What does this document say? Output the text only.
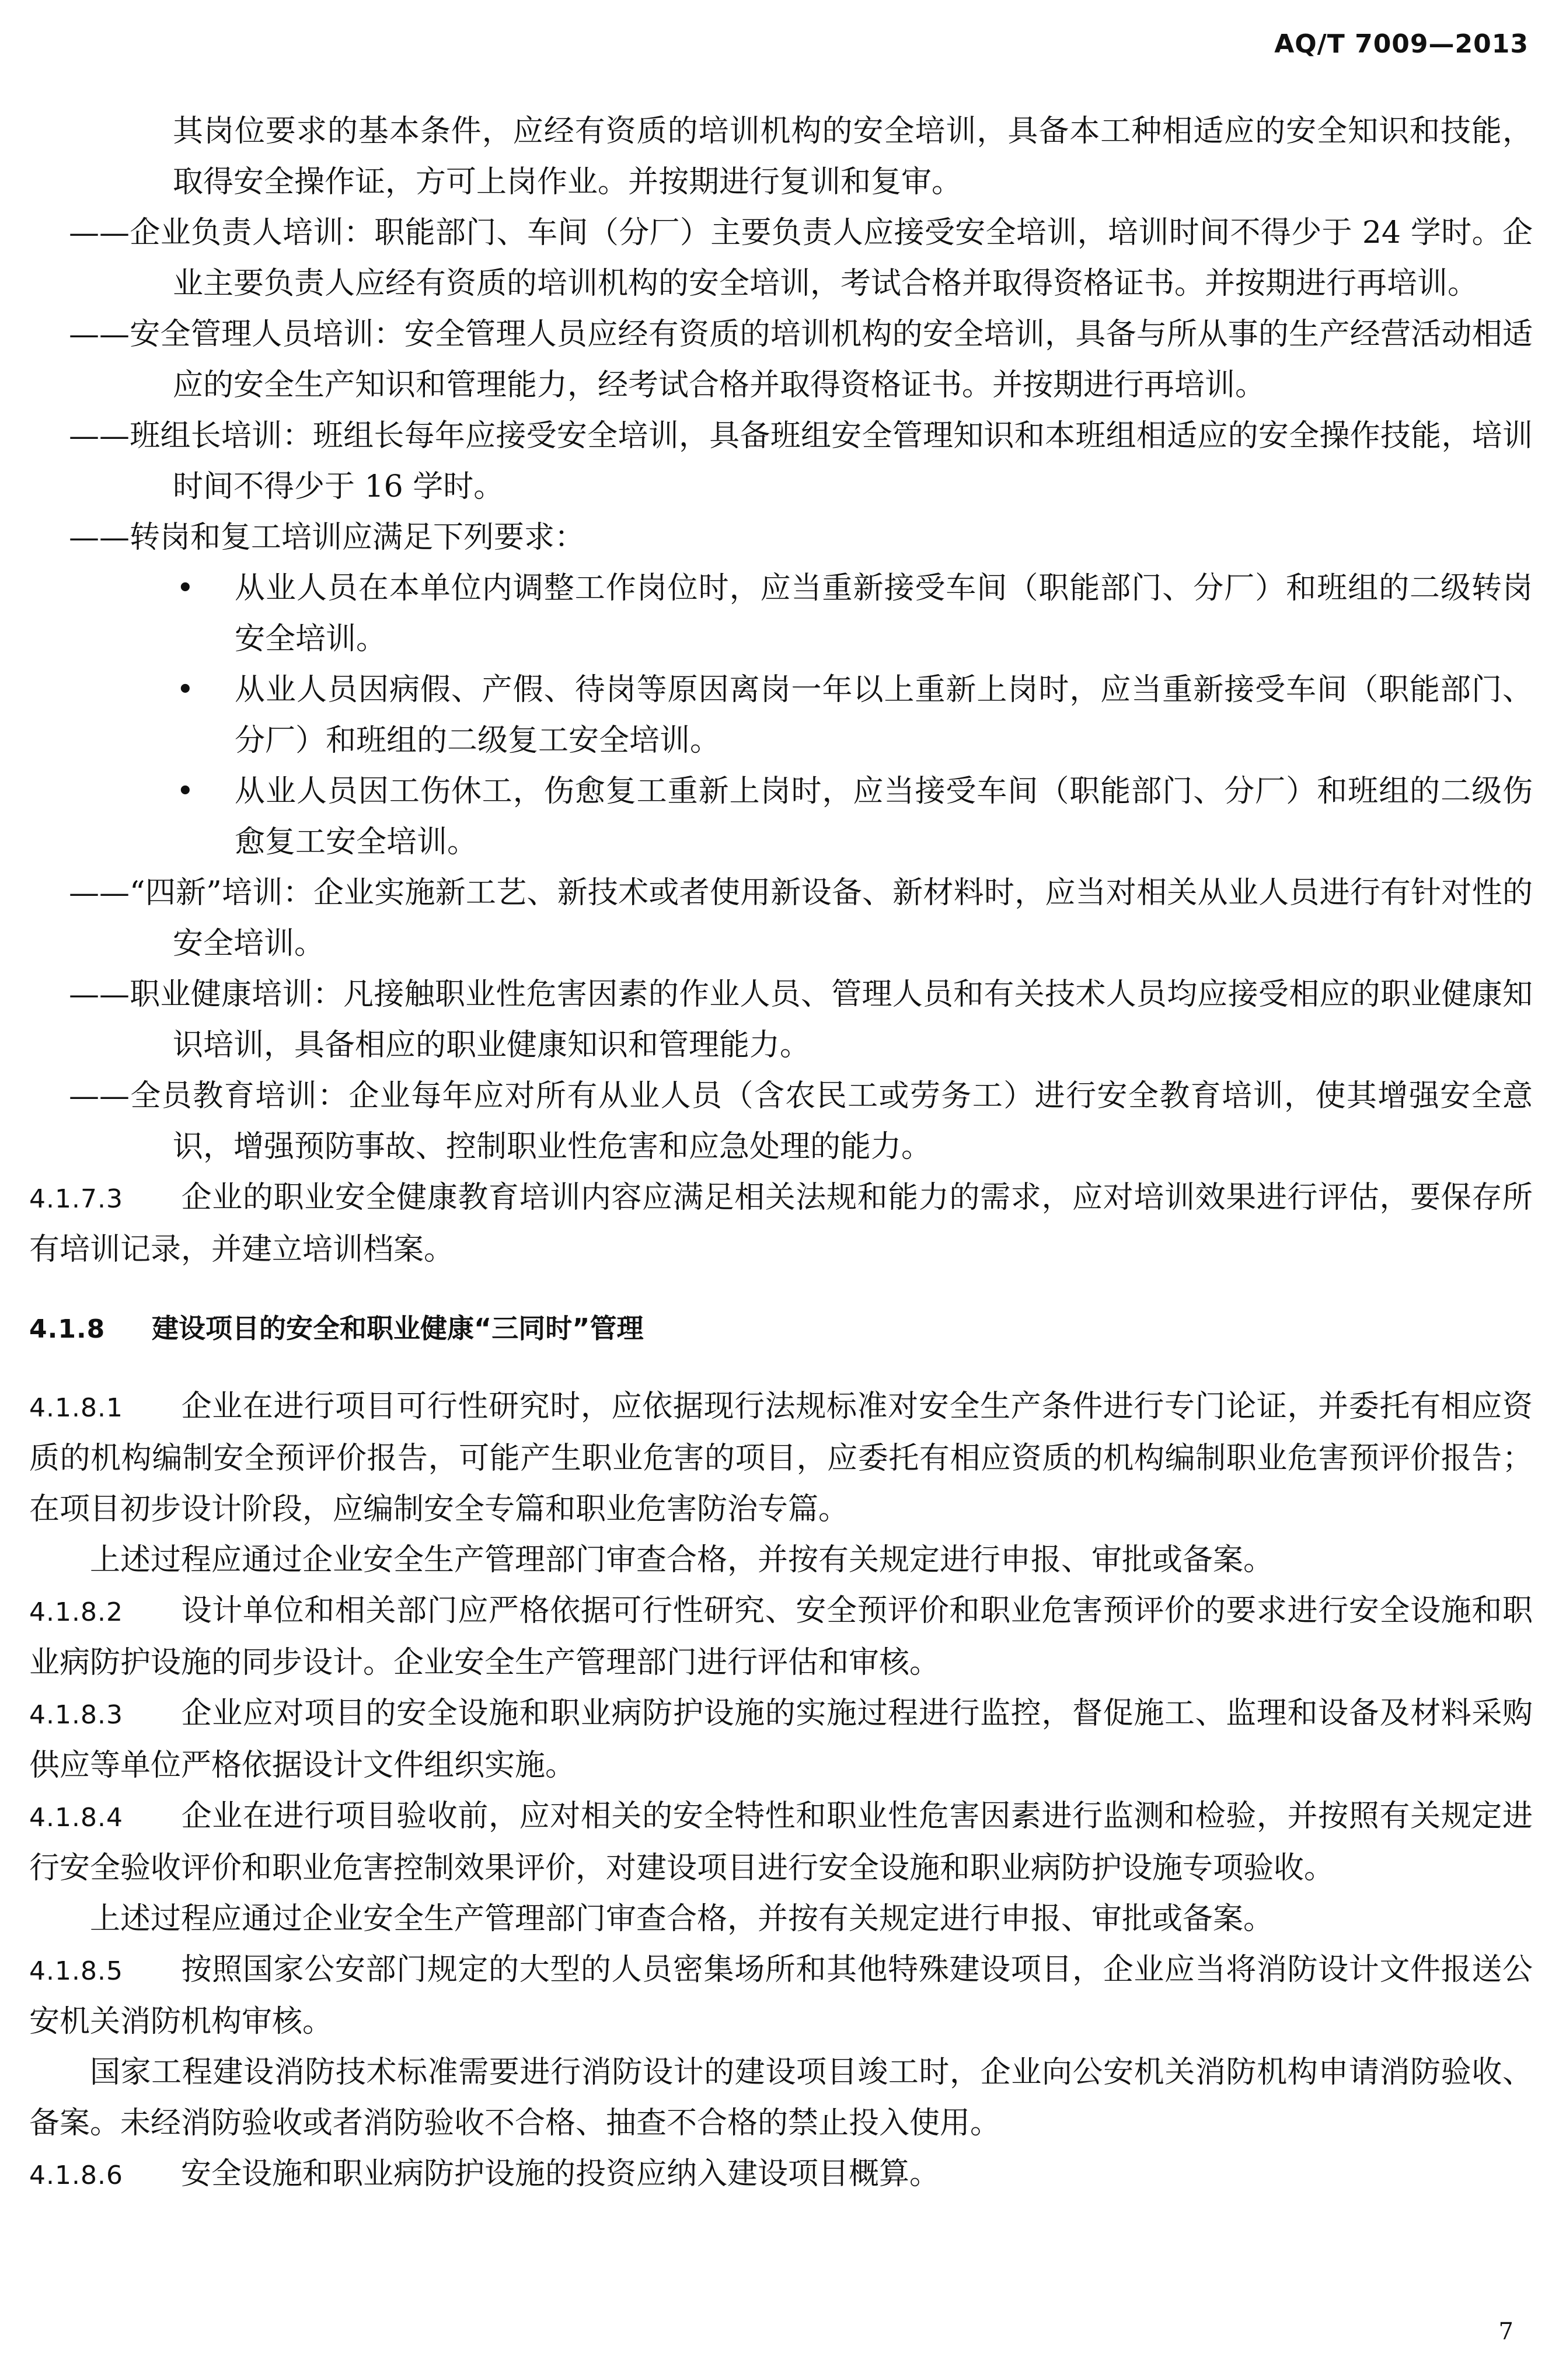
AQ/T 7009—2013

其岗位要求的基本条件，应经有资质的培训机构的安全培训，具备本工种相适应的安全知识和技能，取得安全操作证，方可上岗作业。并按期进行复训和复审。

——企业负责人培训：职能部门、车间（分厂）主要负责人应接受安全培训，培训时间不得少于 24 学时。企业主要负责人应经有资质的培训机构的安全培训，考试合格并取得资格证书。并按期进行再培训。

——安全管理人员培训：安全管理人员应经有资质的培训机构的安全培训，具备与所从事的生产经营活动相适应的安全生产知识和管理能力，经考试合格并取得资格证书。并按期进行再培训。

——班组长培训：班组长每年应接受安全培训，具备班组安全管理知识和本班组相适应的安全操作技能，培训时间不得少于 16 学时。

——转岗和复工培训应满足下列要求：

• 从业人员在本单位内调整工作岗位时，应当重新接受车间（职能部门、分厂）和班组的二级转岗安全培训。

• 从业人员因病假、产假、待岗等原因离岗一年以上重新上岗时，应当重新接受车间（职能部门、分厂）和班组的二级复工安全培训。

• 从业人员因工伤休工，伤愈复工重新上岗时，应当接受车间（职能部门、分厂）和班组的二级伤愈复工安全培训。

——“四新”培训：企业实施新工艺、新技术或者使用新设备、新材料时，应当对相关从业人员进行有针对性的安全培训。

——职业健康培训：凡接触职业性危害因素的作业人员、管理人员和有关技术人员均应接受相应的职业健康知识培训，具备相应的职业健康知识和管理能力。

——全员教育培训：企业每年应对所有从业人员（含农民工或劳务工）进行安全教育培训，使其增强安全意识，增强预防事故、控制职业性危害和应急处理的能力。

4.1.7.3 企业的职业安全健康教育培训内容应满足相关法规和能力的需求，应对培训效果进行评估，要保存所有培训记录，并建立培训档案。

4.1.8 建设项目的安全和职业健康“三同时”管理

4.1.8.1 企业在进行项目可行性研究时，应依据现行法规标准对安全生产条件进行专门论证，并委托有相应资质的机构编制安全预评价报告，可能产生职业危害的项目，应委托有相应资质的机构编制职业危害预评价报告；在项目初步设计阶段，应编制安全专篇和职业危害防治专篇。

上述过程应通过企业安全生产管理部门审查合格，并按有关规定进行申报、审批或备案。

4.1.8.2 设计单位和相关部门应严格依据可行性研究、安全预评价和职业危害预评价的要求进行安全设施和职业病防护设施的同步设计。企业安全生产管理部门进行评估和审核。

4.1.8.3 企业应对项目的安全设施和职业病防护设施的实施过程进行监控，督促施工、监理和设备及材料采购供应等单位严格依据设计文件组织实施。

4.1.8.4 企业在进行项目验收前，应对相关的安全特性和职业性危害因素进行监测和检验，并按照有关规定进行安全验收评价和职业危害控制效果评价，对建设项目进行安全设施和职业病防护设施专项验收。

上述过程应通过企业安全生产管理部门审查合格，并按有关规定进行申报、审批或备案。

4.1.8.5 按照国家公安部门规定的大型的人员密集场所和其他特殊建设项目，企业应当将消防设计文件报送公安机关消防机构审核。

国家工程建设消防技术标准需要进行消防设计的建设项目竣工时，企业向公安机关消防机构申请消防验收、备案。未经消防验收或者消防验收不合格、抽查不合格的禁止投入使用。

4.1.8.6 安全设施和职业病防护设施的投资应纳入建设项目概算。

7
